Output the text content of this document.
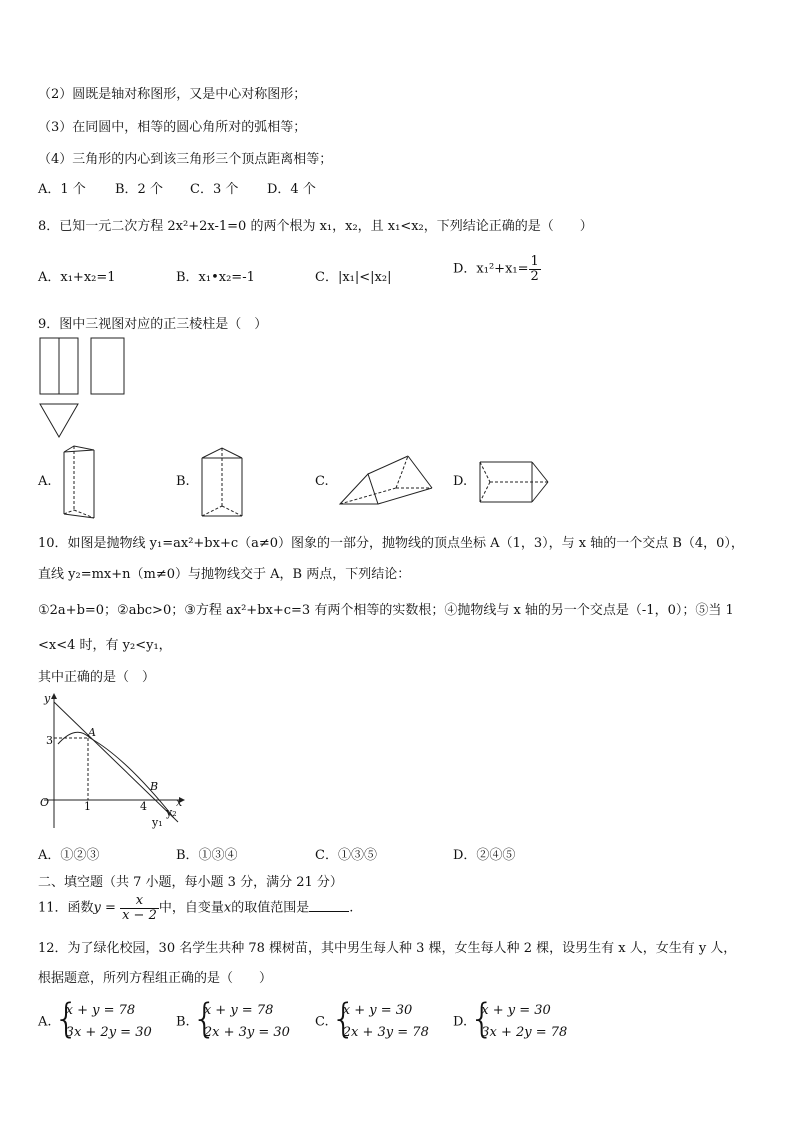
（2）圆既是轴对称图形，又是中心对称图形；
（3）在同圆中，相等的圆心角所对的弧相等；
（4）三角形的内心到该三角形三个顶点距离相等；
A．1 个 B．2 个 C．3 个 D．4 个
8．已知一元二次方程 2x²+2x-1=0 的两个根为 x₁，x₂，且 x₁<x₂，下列结论正确的是（　　）
A．x₁+x₂=1	B．x₁•x₂=-1	C．|x₁|<|x₂|
D．$x_1^2+x_1= \frac{1}{2}$
9．图中三视图对应的正三棱柱是（　）
A.	B.	C.	D.
10．如图是抛物线 y₁=ax²+bx+c（a≠0）图象的一部分，抛物线的顶点坐标 A（1，3），与 x 轴的一个交点 B（4，0），
直线 y₂=mx+n（m≠0）与抛物线交于 A，B 两点，下列结论：
①2a+b=0；②abc>0；③方程 ax²+bx+c=3 有两个相等的实数根；④抛物线与 x 轴的另一个交点是（-1，0）；⑤当 1
<x<4 时，有 y₂<y₁，
其中正确的是（　）
y
x
A
B
O
3
1	4
y₁
y₂
A．①②③	B．①③④	C．①③⑤	D．②④⑤
二、填空题（共 7 小题，每小题 3 分，满分 21 分）
11．函数$y = \frac{x}{x - 2}$ 中，自变量x的取值范围是	.
12．为了绿化校园，30 名学生共种 78 棵树苗，其中男生每人种 3 棵，女生每人种 2 棵，设男生有 x 人，女生有 y 人，
根据题意，所列方程组正确的是（　　）
A. {
x + y = 78
3x + 2y = 30
B. {
x + y = 78
2x + 3y = 30
C. {
x + y = 30
2x + 3y = 78
D. {
x + y = 30
3x + 2y = 78
